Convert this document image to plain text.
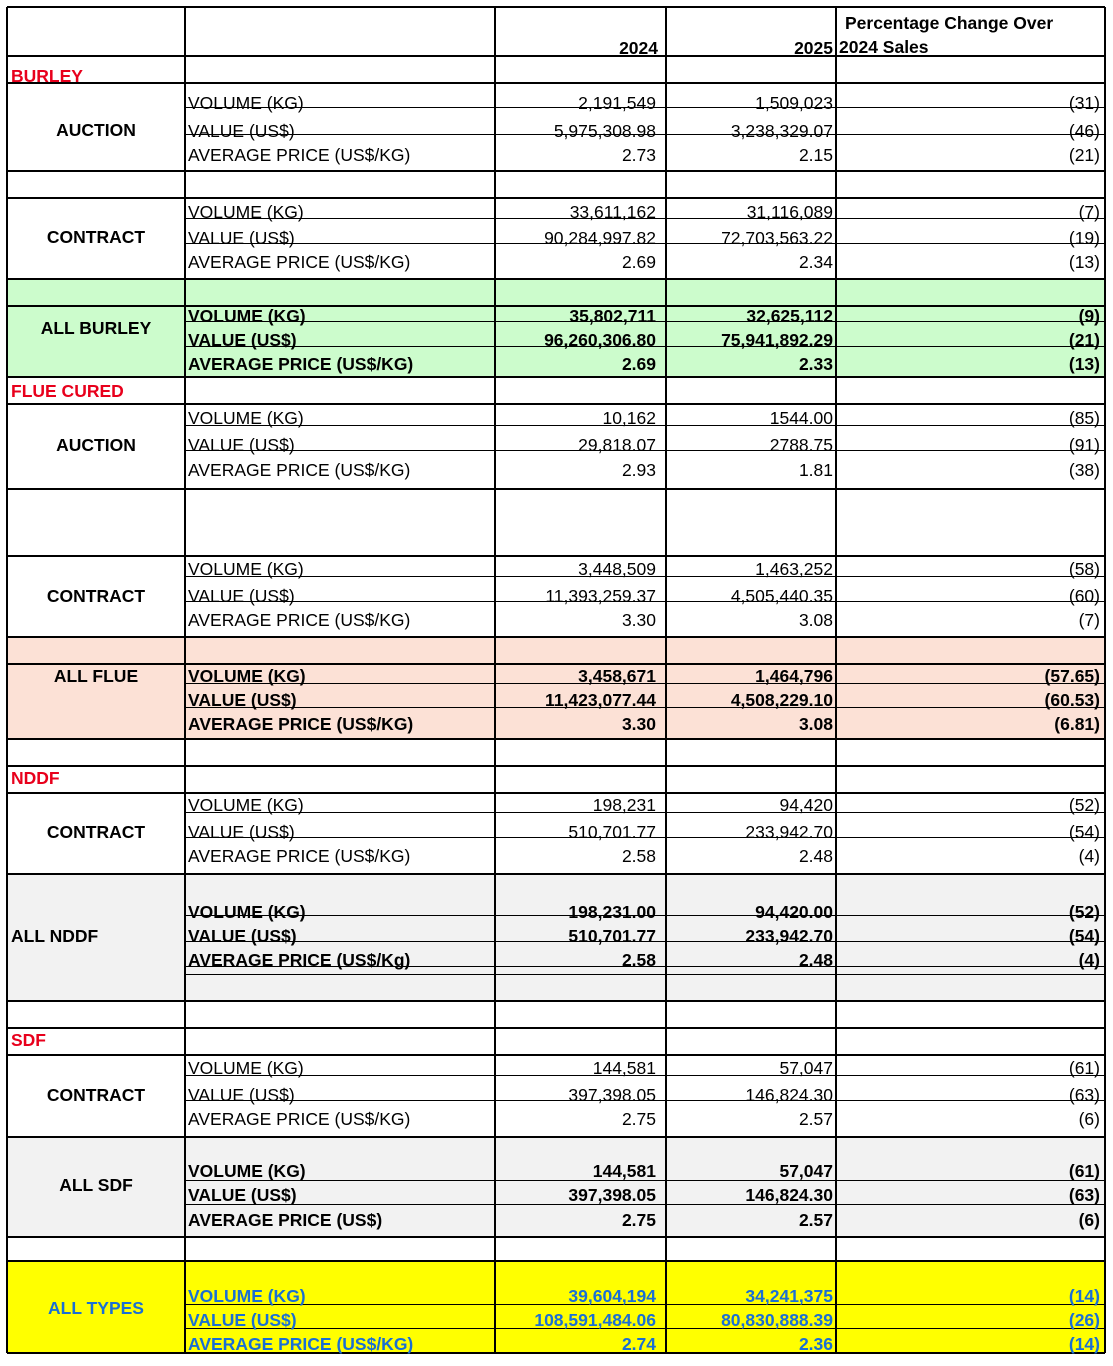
2024	2025
Percentage Change Over
2024 Sales
BURLEY
AUCTION
VOLUME (KG)	2,191,549	1,509,023	(31)
VALUE (US$)	5,975,308.98	3,238,329.07	(46)
AVERAGE PRICE (US$/KG)	2.73	2.15	(21)
CONTRACT
VOLUME (KG)	33,611,162	31,116,089	(7)
VALUE (US$)	90,284,997.82	72,703,563.22	(19)
AVERAGE PRICE (US$/KG)	2.69	2.34	(13)
ALL BURLEY
VOLUME (KG)	35,802,711	32,625,112	(9)
VALUE (US$)	96,260,306.80	75,941,892.29	(21)
AVERAGE PRICE (US$/KG)	2.69	2.33	(13)
FLUE CURED
AUCTION
VOLUME (KG)	10,162	1544.00	(85)
VALUE (US$)	29,818.07	2788.75	(91)
AVERAGE PRICE (US$/KG)	2.93	1.81	(38)
CONTRACT
VOLUME (KG)	3,448,509	1,463,252	(58)
VALUE (US$)	11,393,259.37	4,505,440.35	(60)
AVERAGE PRICE (US$/KG)	3.30	3.08	(7)
ALL FLUE	VOLUME (KG)	3,458,671	1,464,796	(57.65)
VALUE (US$)	11,423,077.44	4,508,229.10	(60.53)
AVERAGE PRICE (US$/KG)	3.30	3.08	(6.81)
NDDF
CONTRACT
VOLUME (KG)	198,231	94,420	(52)
VALUE (US$)	510,701.77	233,942.70	(54)
AVERAGE PRICE (US$/KG)	2.58	2.48	(4)
ALL NDDF
VOLUME (KG)	198,231.00	94,420.00	(52)
VALUE (US$)	510,701.77	233,942.70	(54)
AVERAGE PRICE (US$/Kg)	2.58	2.48	(4)
SDF
CONTRACT
VOLUME (KG)	144,581	57,047	(61)
VALUE (US$)	397,398.05	146,824.30	(63)
AVERAGE PRICE (US$/KG)	2.75	2.57	(6)
ALL SDF
VOLUME (KG)	144,581	57,047	(61)
VALUE (US$)	397,398.05	146,824.30	(63)
AVERAGE PRICE (US$)	2.75	2.57	(6)
ALL TYPES
VOLUME (KG)	39,604,194	34,241,375	(14)
VALUE (US$)	108,591,484.06	80,830,888.39	(26)
AVERAGE PRICE (US$/KG)	2.74	2.36	(14)
